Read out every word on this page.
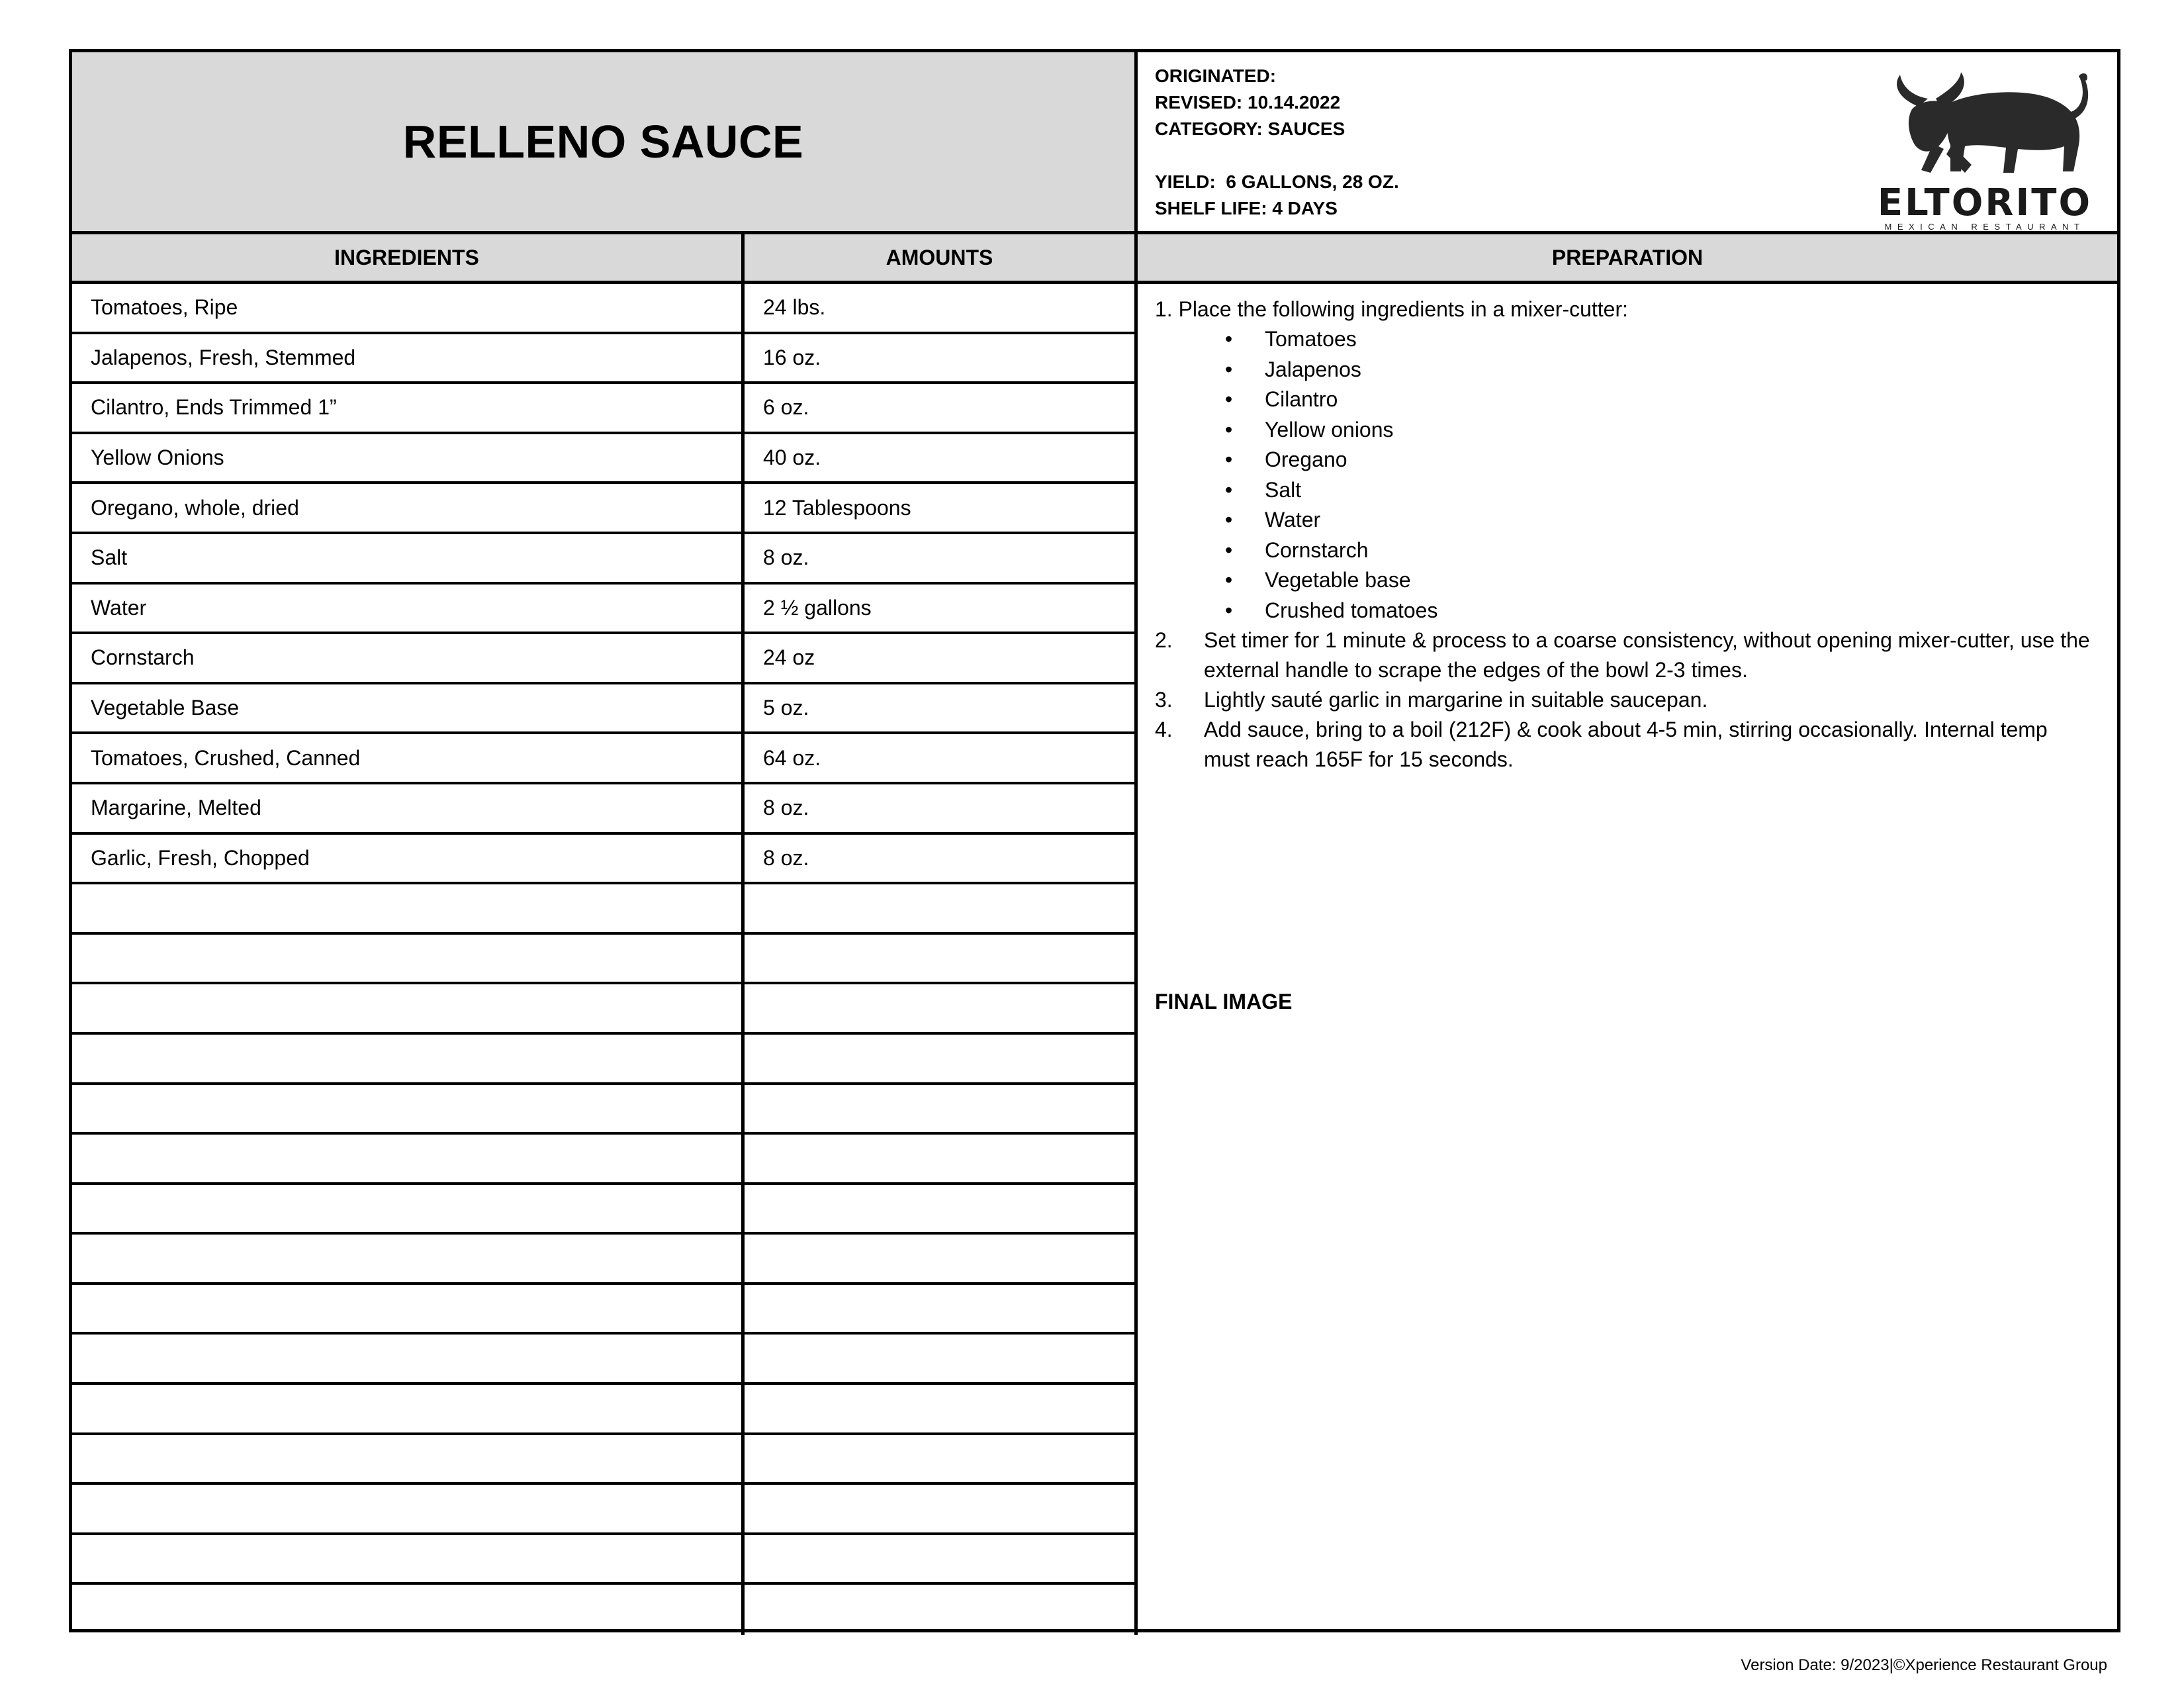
RELLENO SAUCE
ORIGINATED:
REVISED: 10.14.2022
CATEGORY: SAUCES
YIELD:  6 GALLONS, 28 OZ.
SHELF LIFE: 4 DAYS	ELTORITO
MEXICAN RESTAURANT
INGREDIENTS	AMOUNTS	PREPARATION
Tomatoes, Ripe	24 lbs.
Jalapenos, Fresh, Stemmed	16 oz.
Cilantro, Ends Trimmed 1”	6 oz.
Yellow Onions	40 oz.
Oregano, whole, dried	12 Tablespoons
Salt	8 oz.
Water	2 ½ gallons
Cornstarch	24 oz
Vegetable Base	5 oz.
Tomatoes, Crushed, Canned	64 oz.
Margarine, Melted	8 oz.
Garlic, Fresh, Chopped	8 oz.
1. Place the following ingredients in a mixer-cutter:
• Tomatoes
• Jalapenos
• Cilantro
• Yellow onions
• Oregano
• Salt
• Water
• Cornstarch
• Vegetable base
• Crushed tomatoes
2.	Set timer for 1 minute & process to a coarse consistency, without opening mixer-cutter, use the external handle to scrape the edges of the bowl 2-3 times.
3.	Lightly sauté garlic in margarine in suitable saucepan.
4.	Add sauce, bring to a boil (212F) & cook about 4-5 min, stirring occasionally. Internal temp must reach 165F for 15 seconds.
FINAL IMAGE
Version Date: 9/2023|©Xperience Restaurant Group
